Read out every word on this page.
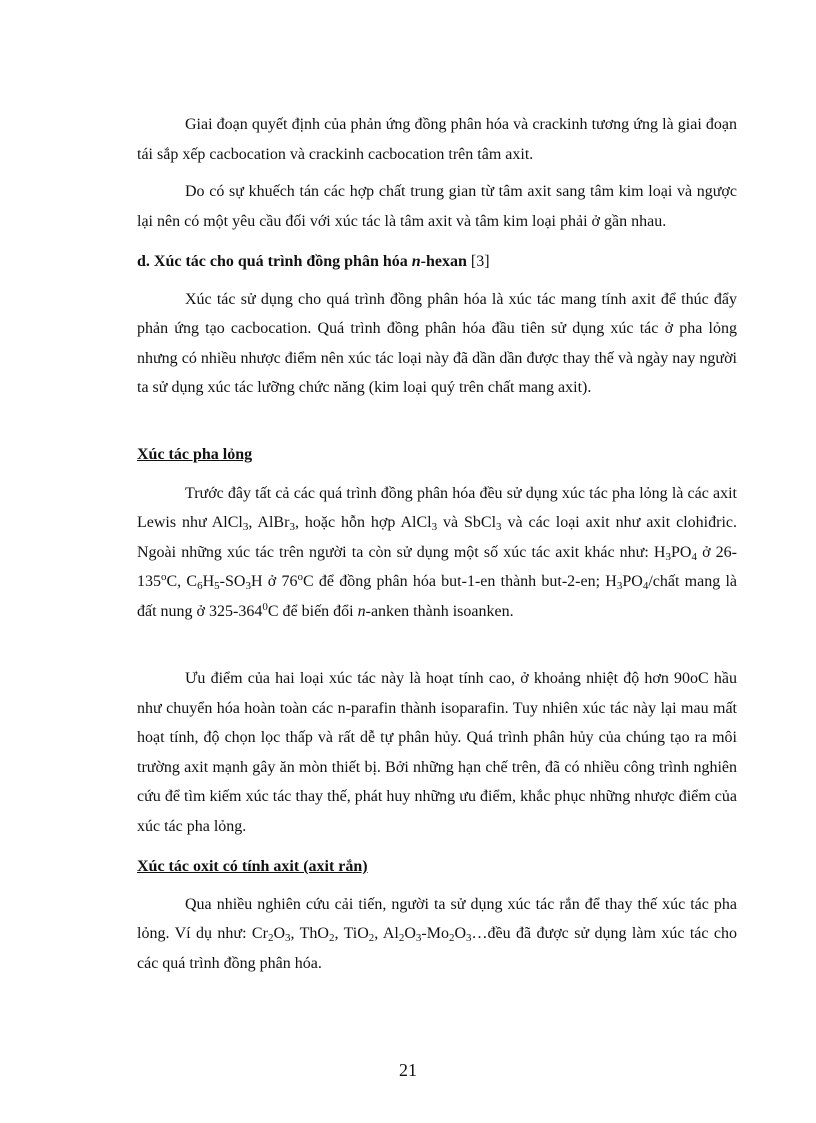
Giai đoạn quyết định của phản ứng đồng phân hóa và crackinh tương ứng là giai đoạn tái sắp xếp cacbocation và crackinh cacbocation trên tâm axit.

Do có sự khuếch tán các hợp chất trung gian từ tâm axit sang tâm kim loại và ngược lại nên có một yêu cầu đối với xúc tác là tâm axit và tâm kim loại phải ở gần nhau.

d. Xúc tác cho quá trình đồng phân hóa n-hexan [3]

Xúc tác sử dụng cho quá trình đồng phân hóa là xúc tác mang tính axit để thúc đẩy phản ứng tạo cacbocation. Quá trình đồng phân hóa đầu tiên sử dụng xúc tác ở pha lỏng nhưng có nhiều nhược điểm nên xúc tác loại này đã dần dần được thay thế và ngày nay người ta sử dụng xúc tác lưỡng chức năng (kim loại quý trên chất mang axit).

Xúc tác pha lỏng

Trước đây tất cả các quá trình đồng phân hóa đều sử dụng xúc tác pha lỏng là các axit Lewis như AlCl$_3$, AlBr$_3$, hoặc hỗn hợp AlCl$_3$ và SbCl$_3$ và các loại axit như axit clohiđric. Ngoài những xúc tác trên người ta còn sử dụng một số xúc tác axit khác như: $H_3PO_4$ ở 26-135$^o$C, $C_6H_5-SO_3H$ ở 76$^o$C để đồng phân hóa but-1-en thành but-2-en; $H_3PO_4$/chất mang là đất nung ở $325-364^0C$ để biến đổi n-anken thành isoanken.

Ưu điểm của hai loại xúc tác này là hoạt tính cao, ở khoảng nhiệt độ hơn 90oC hầu như chuyển hóa hoàn toàn các n-parafin thành isoparafin. Tuy nhiên xúc tác này lại mau mất hoạt tính, độ chọn lọc thấp và rất dễ tự phân hủy. Quá trình phân hủy của chúng tạo ra môi trường axit mạnh gây ăn mòn thiết bị. Bởi những hạn chế trên, đã có nhiều công trình nghiên cứu để tìm kiếm xúc tác thay thế, phát huy những ưu điểm, khắc phục những nhược điểm của xúc tác pha lỏng.

Xúc tác oxit có tính axit (axit rắn)

Qua nhiều nghiên cứu cải tiến, người ta sử dụng xúc tác rắn để thay thế xúc tác pha lỏng. Ví dụ như: $Cr_2O_3$, ThO$_2$, TiO$_2$, $Al_2O_3-Mo_2O_3\dots đều$ đã được sử dụng làm xúc tác cho các quá trình đồng phân hóa.

21
